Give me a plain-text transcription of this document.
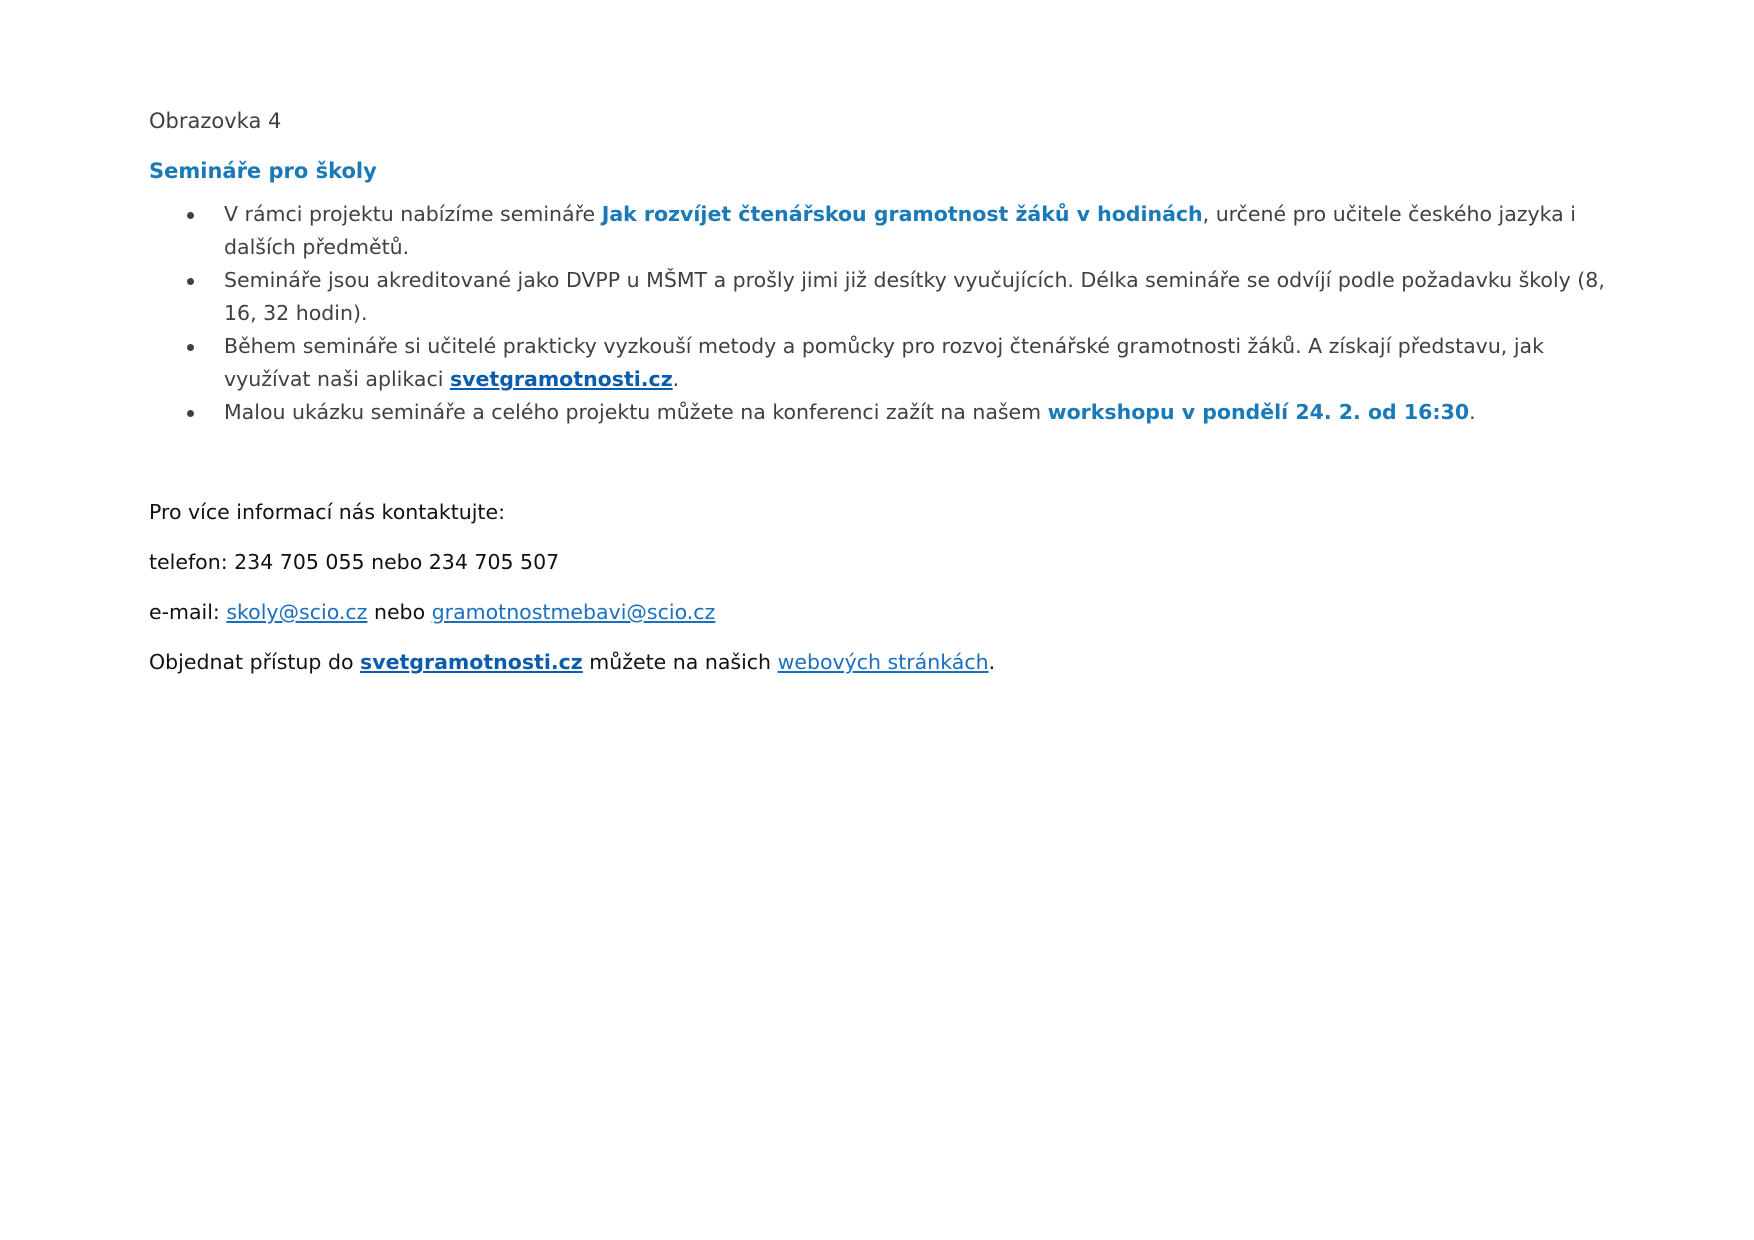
Obrazovka 4

Semináře pro školy
V rámci projektu nabízíme semináře Jak rozvíjet čtenářskou gramotnost žáků v hodinách, určené pro učitele českého jazyka i dalších předmětů.
Semináře jsou akreditované jako DVPP u MŠMT a prošly jimi již desítky vyučujících. Délka semináře se odvíjí podle požadavku školy (8, 16, 32 hodin).
Během semináře si učitelé prakticky vyzkouší metody a pomůcky pro rozvoj čtenářské gramotnosti žáků. A získají představu, jak využívat naši aplikaci svetgramotnosti.cz.
Malou ukázku semináře a celého projektu můžete na konferenci zažít na našem workshopu v pondělí 24. 2. od 16:30.

Pro více informací nás kontaktujte:

telefon: 234 705 055 nebo 234 705 507

e-mail: skoly@scio.cz nebo gramotnostmebavi@scio.cz

Objednat přístup do svetgramotnosti.cz můžete na našich webových stránkách.
